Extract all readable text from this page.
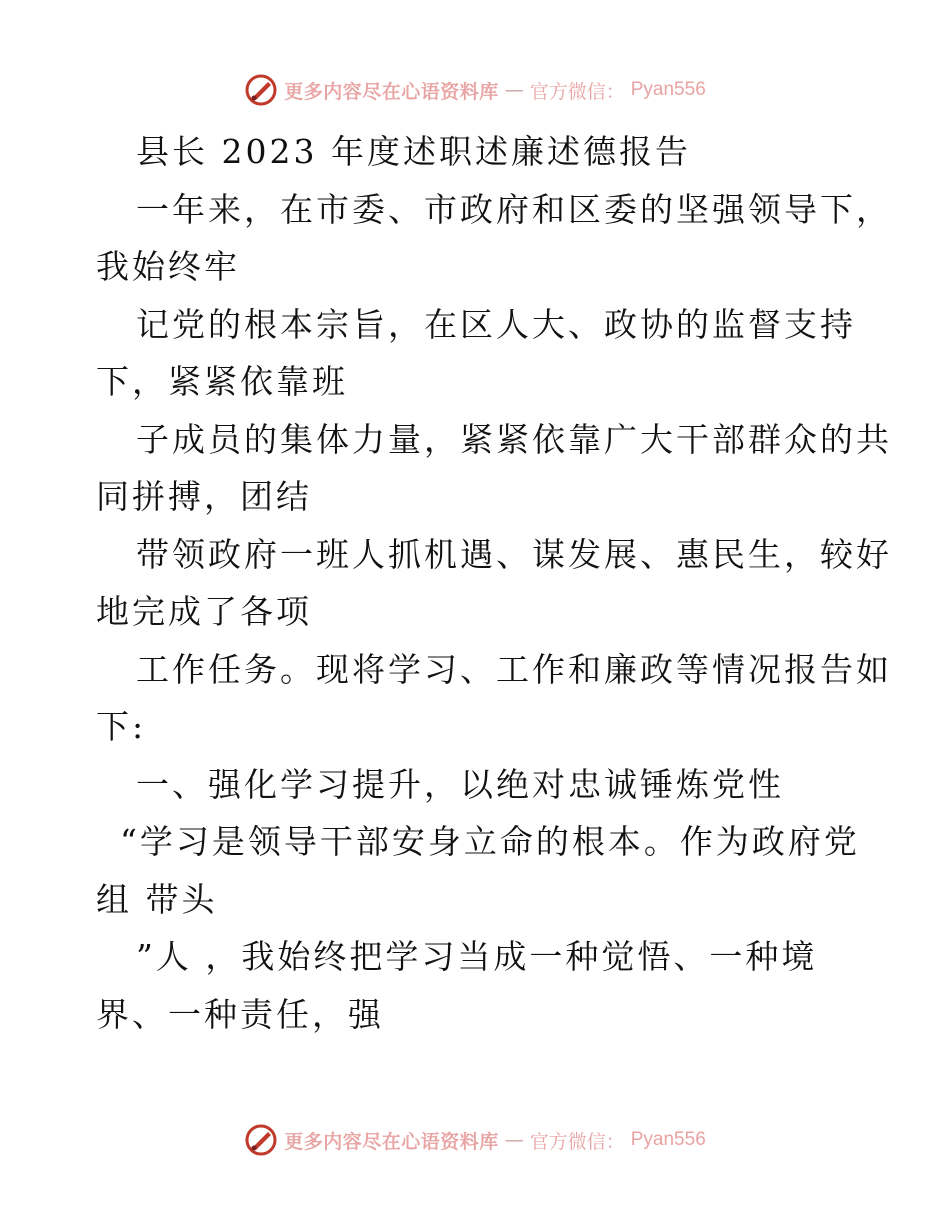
更多内容尽在心语资料库 — 官方微信： Pyan556
县长 2023 年度述职述廉述德报告
一年来，在市委、市政府和区委的坚强领导下，
我始终牢
记党的根本宗旨，在区人大、政协的监督支持
下，紧紧依靠班
子成员的集体力量，紧紧依靠广大干部群众的共
同拼搏，团结
带领政府一班人抓机遇、谋发展、惠民生，较好
地完成了各项
工作任务。现将学习、工作和廉政等情况报告如
下:
一、强化学习提升，以绝对忠诚锤炼党性
“学习是领导干部安身立命的根本。作为政府党
组 带头
”人 ，我始终把学习当成一种觉悟、一种境
界、一种责任，强
更多内容尽在心语资料库 — 官方微信： Pyan556
